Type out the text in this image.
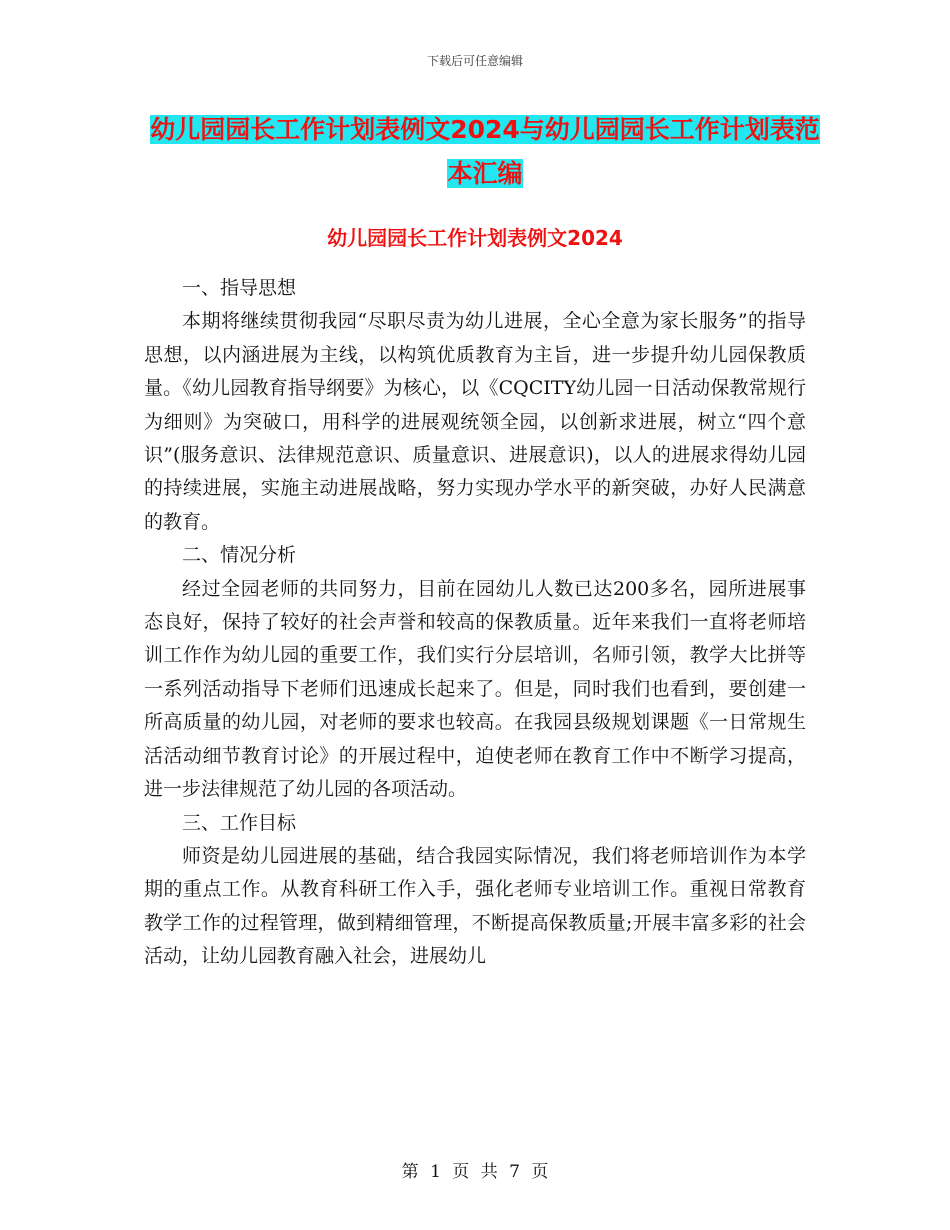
下载后可任意编辑
幼儿园园长工作计划表例文2024与幼儿园园长工作计划表范本汇编
幼儿园园长工作计划表例文2024
一、指导思想

本期将继续贯彻我园“尽职尽责为幼儿进展，全心全意为家长服务”的指导思想，以内涵进展为主线，以构筑优质教育为主旨，进一步提升幼儿园保教质量。《幼儿园教育指导纲要》为核心，以《CQCITY幼儿园一日活动保教常规行为细则》为突破口，用科学的进展观统领全园，以创新求进展，树立“四个意识”(服务意识、法律规范意识、质量意识、进展意识)，以人的进展求得幼儿园的持续进展，实施主动进展战略，努力实现办学水平的新突破，办好人民满意的教育。

二、情况分析

经过全园老师的共同努力，目前在园幼儿人数已达200多名，园所进展事态良好，保持了较好的社会声誉和较高的保教质量。近年来我们一直将老师培训工作作为幼儿园的重要工作，我们实行分层培训，名师引领，教学大比拼等一系列活动指导下老师们迅速成长起来了。但是，同时我们也看到，要创建一所高质量的幼儿园，对老师的要求也较高。在我园县级规划课题《一日常规生活活动细节教育讨论》的开展过程中，迫使老师在教育工作中不断学习提高，进一步法律规范了幼儿园的各项活动。

三、工作目标

师资是幼儿园进展的基础，结合我园实际情况，我们将老师培训作为本学期的重点工作。从教育科研工作入手，强化老师专业培训工作。重视日常教育教学工作的过程管理，做到精细管理，不断提高保教质量;开展丰富多彩的社会活动，让幼儿园教育融入社会，进展幼儿

第 1 页 共 7 页
